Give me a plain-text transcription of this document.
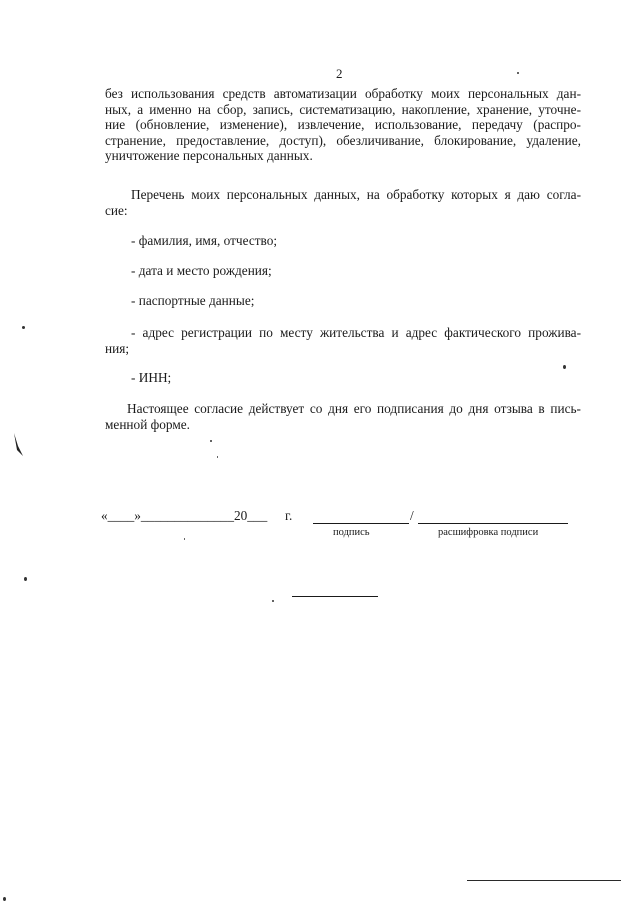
2
без использования средств автоматизации обработку моих персональных дан-
ных, а именно на сбор, запись, систематизацию, накопление, хранение, уточне-
ние (обновление, изменение), извлечение, использование, передачу (распро-
странение, предоставление, доступ), обезличивание, блокирование, удаление,
уничтожение персональных данных.
Перечень моих персональных данных, на обработку которых я даю согла-
сие:
- фамилия, имя, отчество;
- дата и место рождения;
- паспортные данные;
- адрес регистрации по месту жительства и адрес фактического прожива-
ния;
- ИНН;
Настоящее согласие действует со дня его подписания до дня отзыва в пись-
менной форме.
«____»______________20___ г.	/
подпись	расшифровка подписи
